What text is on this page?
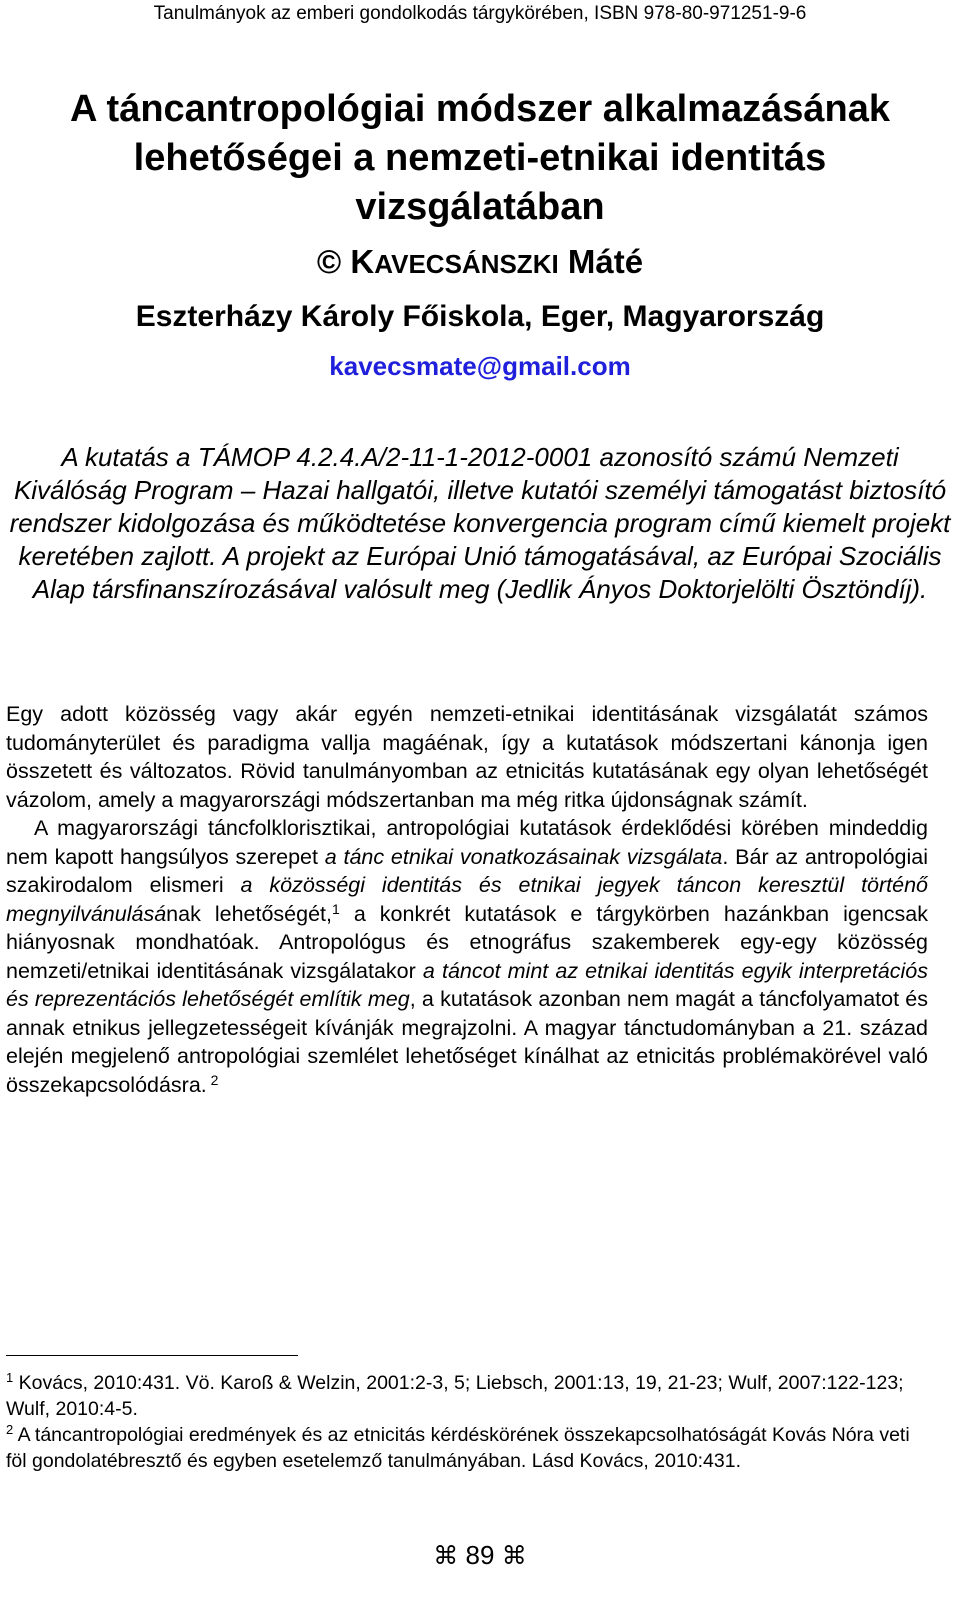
Tanulmányok az emberi gondolkodás tárgykörében, ISBN 978-80-971251-9-6
A táncantropológiai módszer alkalmazásának
lehetőségei a nemzeti-etnikai identitás
vizsgálatában
© KAVECSÁNSZKI Máté
Eszterházy Károly Főiskola, Eger, Magyarország
kavecsmate@gmail.com

A kutatás a TÁMOP 4.2.4.A/2-11-1-2012-0001 azonosító számú Nemzeti Kiválóság Program – Hazai hallgatói, illetve kutatói személyi támogatást biztosító rendszer kidolgozása és működtetése konvergencia program című kiemelt projekt keretében zajlott. A projekt az Európai Unió támogatásával, az Európai Szociális Alap társfinanszírozásával valósult meg (Jedlik Ányos Doktorjelölti Ösztöndíj).

Egy adott közösség vagy akár egyén nemzeti-etnikai identitásának vizsgálatát számos tudományterület és paradigma vallja magáénak, így a kutatások módszertani kánonja igen összetett és változatos. Rövid tanulmányomban az etnicitás kutatásának egy olyan lehetőségét vázolom, amely a magyarországi módszertanban ma még ritka újdonságnak számít.

A magyarországi táncfolklorisztikai, antropológiai kutatások érdeklődési körében mindeddig nem kapott hangsúlyos szerepet a tánc etnikai vonatkozásainak vizsgálata. Bár az antropológiai szakirodalom elismeri a közösségi identitás és etnikai jegyek táncon keresztül történő megnyilvánulásának lehetőségét,$^1$ a konkrét kutatások e tárgykörben hazánkban igencsak hiányosnak mondhatóak. Antropológus és etnográfus szakemberek egy-egy közösség nemzeti/etnikai identitásának vizsgálatakor a táncot mint az etnikai identitás egyik interpretációs és reprezentációs lehetőségét említik meg, a kutatások azonban nem magát a táncfolyamatot és annak etnikus jellegzetességeit kívánják megrajzolni. A magyar tánctudományban a 21. század elején megjelenő antropológiai szemlélet lehetőséget kínálhat az etnicitás problémakörével való összekapcsolódásra. $^2$

$^1$ Kovács, 2010:431. Vö. Karoß & Welzin, 2001:2-3, 5; Liebsch, 2001:13, 19, 21-23; Wulf, 2007:122-123; Wulf, 2010:4-5.

$^2$ A táncantropológiai eredmények és az etnicitás kérdéskörének összekapcsolhatóságát Kovás Nóra veti föl gondolatébresztő és egyben esetelemző tanulmányában. Lásd Kovács, 2010:431.

⌘ 89 ⌘
